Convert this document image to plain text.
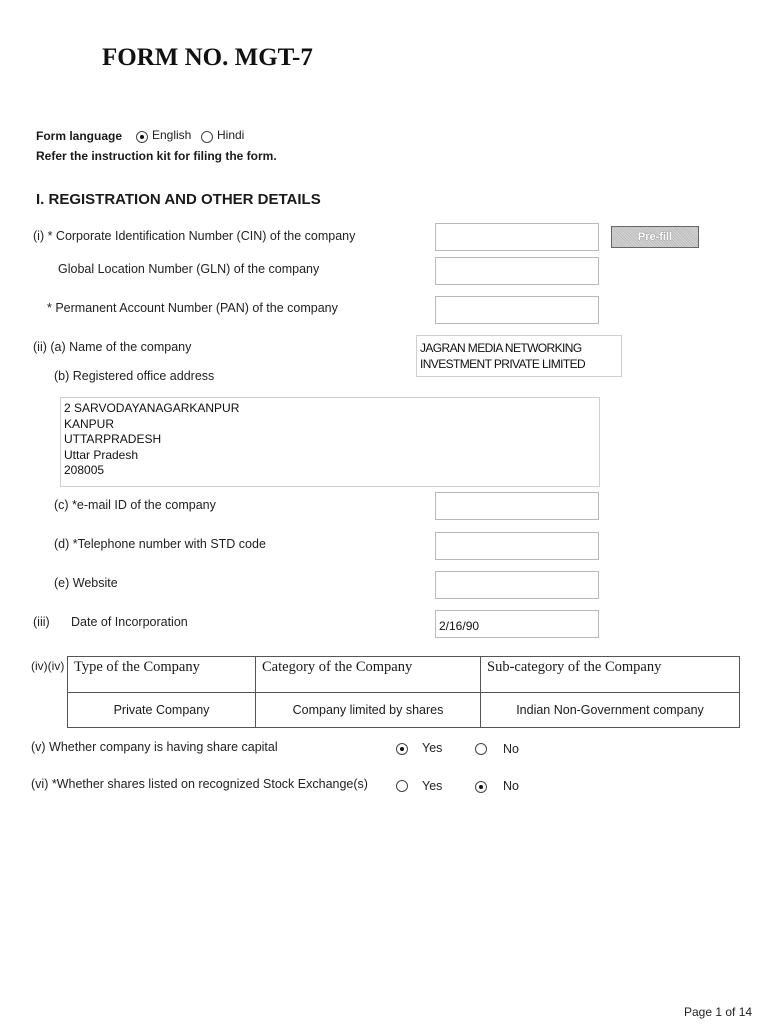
FORM NO. MGT-7
Form language English Hindi
Refer the instruction kit for filing the form.
I. REGISTRATION AND OTHER DETAILS
(i) * Corporate Identification Number (CIN) of the company	Pre-fill
Global Location Number (GLN) of the company
* Permanent Account Number (PAN) of the company
(ii) (a) Name of the company	JAGRAN MEDIA NETWORKING
INVESTMENT PRIVATE LIMITED
(b) Registered office address
2 SARVODAYANAGARKANPUR
KANPUR
UTTARPRADESH
Uttar Pradesh
208005
(c) *e-mail ID of the company
(d) *Telephone number with STD code
(e) Website
(iii) Date of Incorporation	2/16/90
(iv)(iv) Type of the Company	Category of the Company	Sub-category of the Company
Private Company	Company limited by shares	Indian Non-Government company
(v) Whether company is having share capital	Yes	No
(vi) *Whether shares listed on recognized Stock Exchange(s)	Yes	No
Page 1 of 14
